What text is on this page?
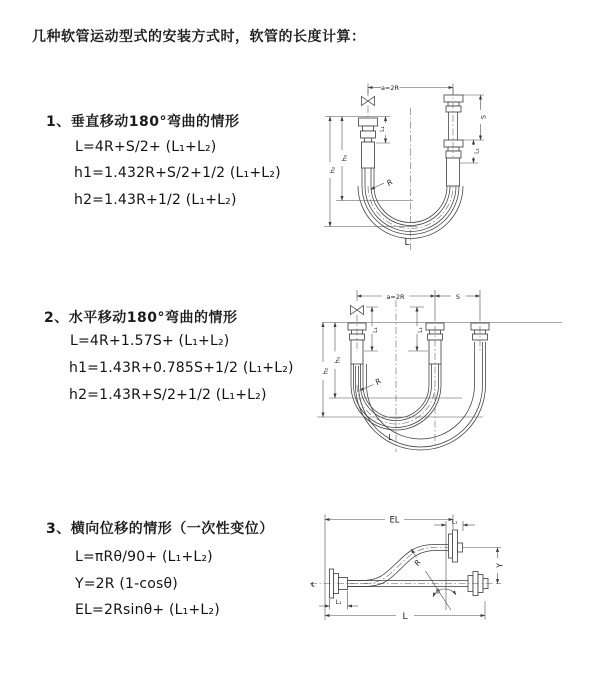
几种软管运动型式的安装方式时，软管的长度计算：
1、垂直移动180°弯曲的情形
L=4R+S/2+ (L₁+L₂)
h1=1.432R+S/2+1/2 (L₁+L₂)
h2=1.43R+1/2 (L₁+L₂)
2、水平移动180°弯曲的情形
L=4R+1.57S+ (L₁+L₂)
h1=1.43R+0.785S+1/2 (L₁+L₂)
h2=1.43R+S/2+1/2 (L₁+L₂)
3、横向位移的情形（一次性变位）
L=πRθ/90+ (L₁+L₂)
Y=2R (1-cosθ)
EL=2Rsinθ+ (L₁+L₂)
a=2R
S
L₁
L₁
h₁
h₂
R
L
a=2R	S
L₁	L₁
h₁
h₂
R
L
℄
EL	L₁
Y
R
θ
L₁
L
